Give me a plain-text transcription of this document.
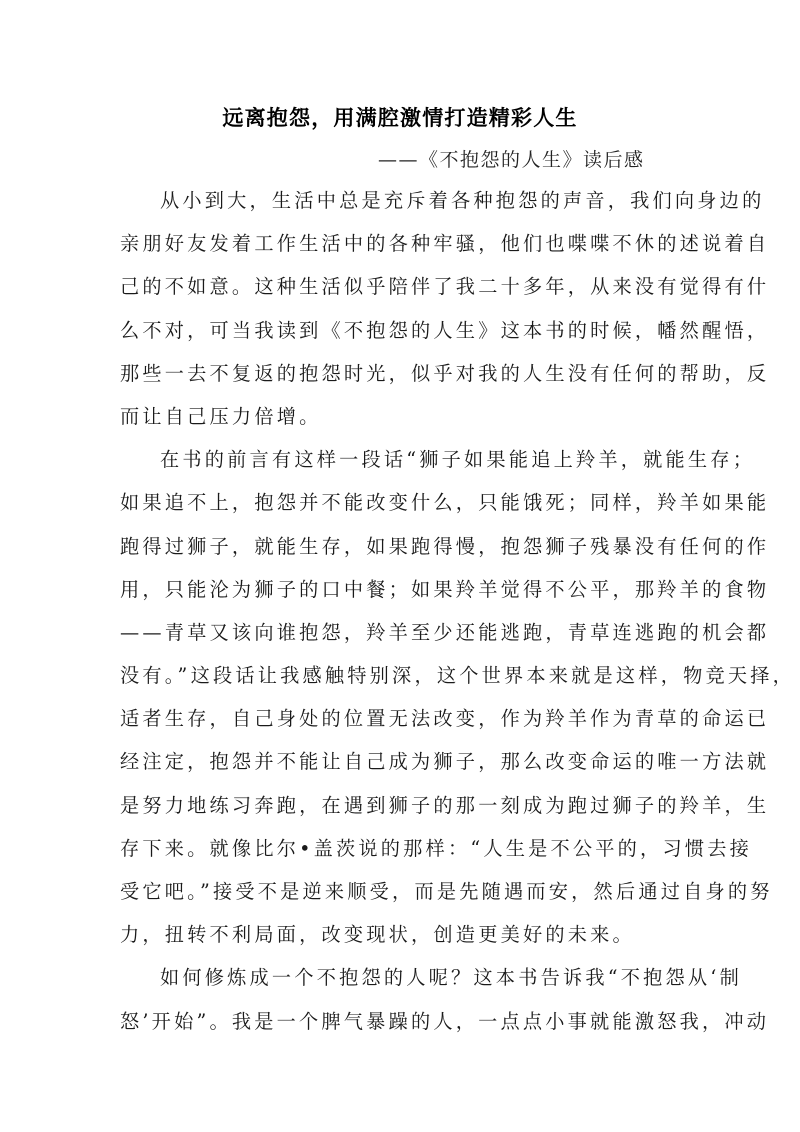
远离抱怨，用满腔激情打造精彩人生
——《不抱怨的人生》读后感
从小到大，生活中总是充斥着各种抱怨的声音，我们向身边的
亲朋好友发着工作生活中的各种牢骚，他们也喋喋不休的述说着自
己的不如意。这种生活似乎陪伴了我二十多年，从来没有觉得有什
么不对，可当我读到《不抱怨的人生》这本书的时候，幡然醒悟，
那些一去不复返的抱怨时光，似乎对我的人生没有任何的帮助，反
而让自己压力倍增。
在书的前言有这样一段话“狮子如果能追上羚羊，就能生存；
如果追不上，抱怨并不能改变什么，只能饿死；同样，羚羊如果能
跑得过狮子，就能生存，如果跑得慢，抱怨狮子残暴没有任何的作
用，只能沦为狮子的口中餐；如果羚羊觉得不公平，那羚羊的食物
——青草又该向谁抱怨，羚羊至少还能逃跑，青草连逃跑的机会都
没有。”这段话让我感触特别深，这个世界本来就是这样，物竞天择，
适者生存，自己身处的位置无法改变，作为羚羊作为青草的命运已
经注定，抱怨并不能让自己成为狮子，那么改变命运的唯一方法就
是努力地练习奔跑，在遇到狮子的那一刻成为跑过狮子的羚羊，生
存下来。就像比尔•盖茨说的那样：“人生是不公平的，习惯去接
受它吧。”接受不是逆来顺受，而是先随遇而安，然后通过自身的努
力，扭转不利局面，改变现状，创造更美好的未来。
如何修炼成一个不抱怨的人呢？这本书告诉我“不抱怨从‘制
怒’开始”。我是一个脾气暴躁的人，一点点小事就能激怒我，冲动
